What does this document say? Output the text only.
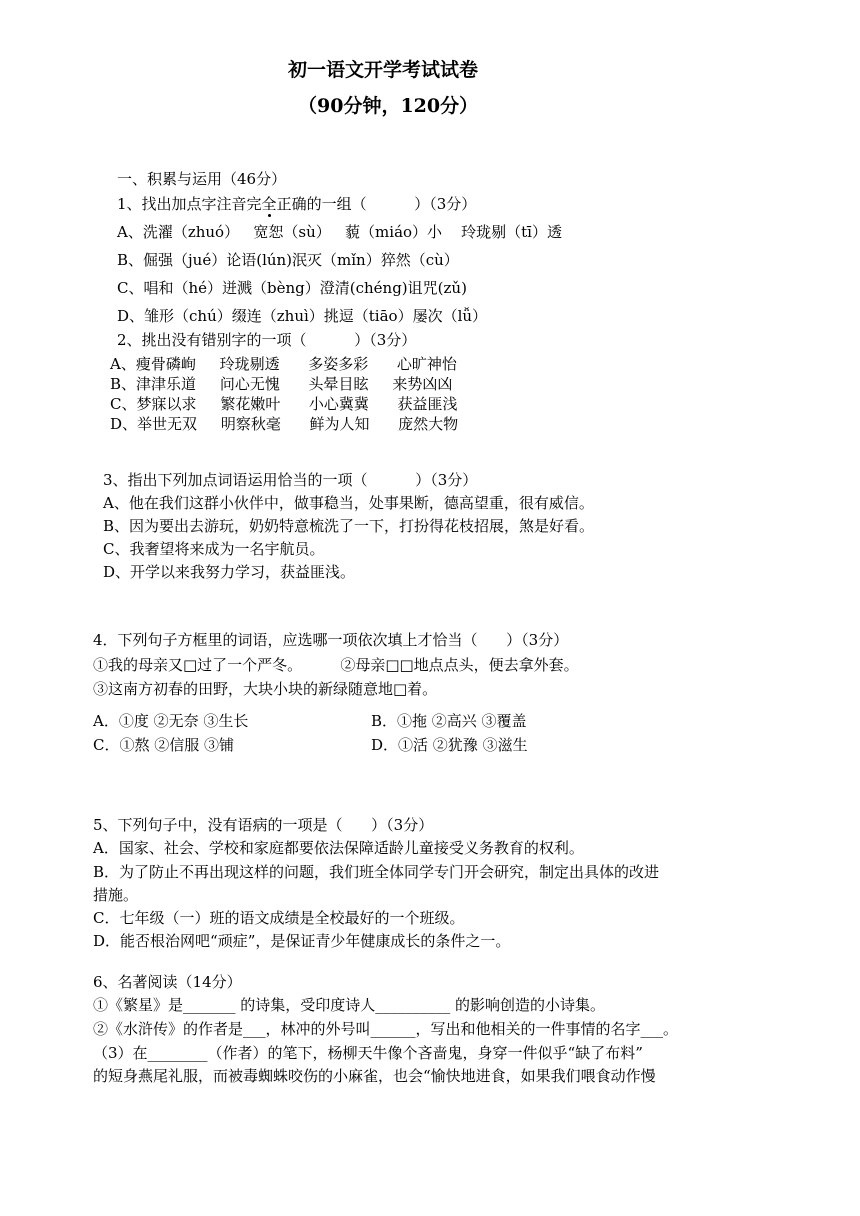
初一语文开学考试试卷
（90分钟，120分）
一、积累与运用（46分）
1、找出加点字注音完全正确的一组（          ）（3分）
A、洗濯（zhuó）   宽恕（sù）   藐（miáo）小    玲珑剔（tī）透
B、倔强（jué）论语(lún)泯灭（mǐn）猝然（cù）
C、唱和（hé）迸溅（bèng）澄清(chéng)诅咒(zǔ)
D、雏形（chú）缀连（zhuì）挑逗（tiāo）屡次（lǚ）
2、挑出没有错别字的一项（          ）（3分）
A、瘦骨磷峋     玲珑剔透      多姿多彩      心旷神怡
B、津津乐道     问心无愧      头晕目眩     来势凶凶
C、梦寐以求     繁花嫩叶      小心冀冀      获益匪浅
D、举世无双     明察秋毫      鲜为人知      庞然大物
3、指出下列加点词语运用恰当的一项（          ）（3分）
A、他在我们这群小伙伴中，做事稳当，处事果断，德高望重，很有威信。
B、因为要出去游玩，奶奶特意梳洗了一下，打扮得花枝招展，煞是好看。
C、我奢望将来成为一名宇航员。
D、开学以来我努力学习，获益匪浅。
4．下列句子方框里的词语，应选哪一项依次填上才恰当（      ）（3分）
①我的母亲又□过了一个严冬。        ②母亲□□地点点头，便去拿外套。
③这南方初春的田野，大块小块的新绿随意地□着。
A．①度 ②无奈 ③生长	B．①拖 ②高兴 ③覆盖
C．①熬 ②信服 ③铺	D．①活 ②犹豫 ③滋生
5、下列句子中，没有语病的一项是（      ）（3分）
A．国家、社会、学校和家庭都要依法保障适龄儿童接受义务教育的权利。
B．为了防止不再出现这样的问题，我们班全体同学专门开会研究，制定出具体的改进
措施。
C．七年级（一）班的语文成绩是全校最好的一个班级。
D．能否根治网吧“顽症”，是保证青少年健康成长的条件之一。
6、名著阅读（14分）
①《繁星》是_______ 的诗集，受印度诗人__________ 的影响创造的小诗集。
②《水浒传》的作者是___，林冲的外号叫______，写出和他相关的一件事情的名字___。
（3）在________（作者）的笔下，杨柳天牛像个吝啬鬼，身穿一件似乎“缺了布料”
的短身燕尾礼服，而被毒蜘蛛咬伤的小麻雀，也会“愉快地进食，如果我们喂食动作慢
